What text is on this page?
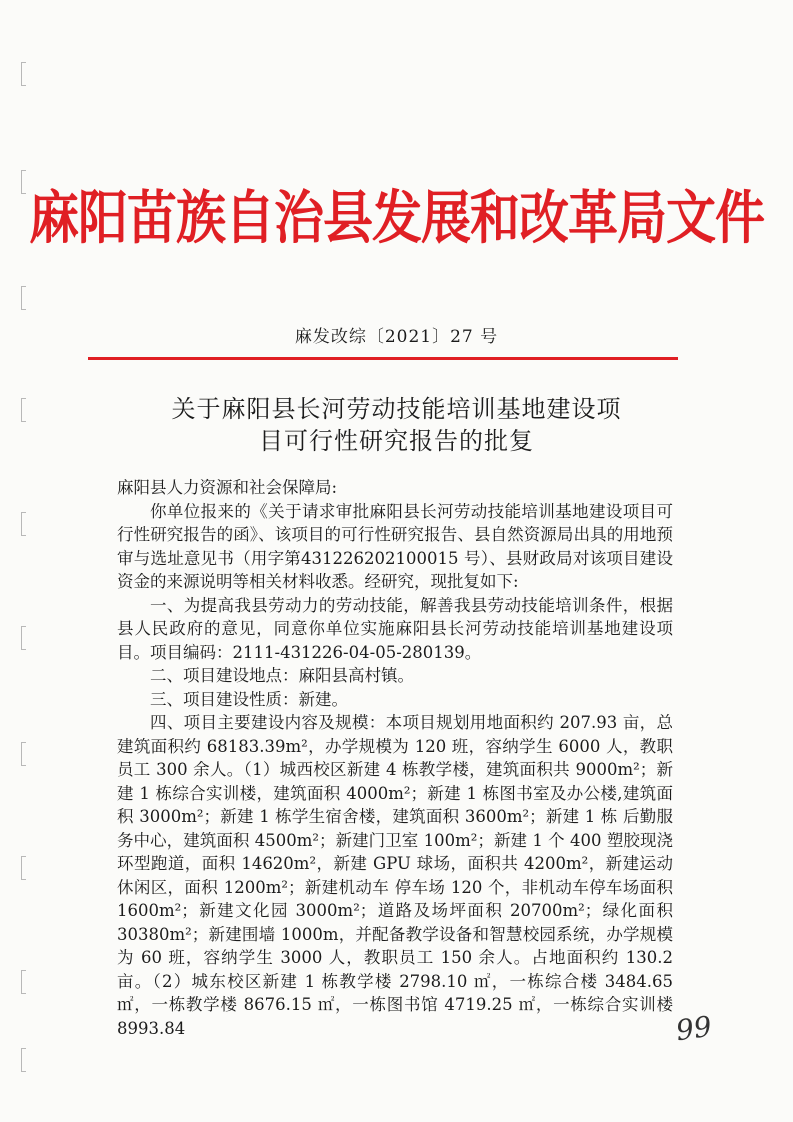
麻阳苗族自治县发展和改革局文件
麻发改综〔2021〕27 号
关于麻阳县长河劳动技能培训基地建设项
目可行性研究报告的批复

麻阳县人力资源和社会保障局:

你单位报来的《关于请求审批麻阳县长河劳动技能培训基地建设项目可行性研究报告的函》、该项目的可行性研究报告、县自然资源局出具的用地预审与选址意见书（用字第431226202100015 号）、县财政局对该项目建设资金的来源说明等相关材料收悉。经研究，现批复如下:

一、为提高我县劳动力的劳动技能，解善我县劳动技能培训条件，根据县人民政府的意见，同意你单位实施麻阳县长河劳动技能培训基地建设项目。项目编码：2111-431226-04-05-280139。

二、项目建设地点：麻阳县高村镇。

三、项目建设性质：新建。

四、项目主要建设内容及规模：本项目规划用地面积约 207.93 亩，总建筑面积约 68183.39m²，办学规模为 120 班，容纳学生 6000 人，教职员工 300 余人。（1）城西校区新建 4 栋教学楼，建筑面积共 9000m²；新建 1 栋综合实训楼，建筑面积 4000m²；新建 1 栋图书室及办公楼,建筑面积 3000m²；新建 1 栋学生宿舍楼，建筑面积 3600m²；新建 1 栋 后勤服务中心，建筑面积 4500m²；新建门卫室 100m²；新建 1 个 400 塑胶现浇环型跑道，面积 14620m²，新建 GPU 球场，面积共 4200m²，新建运动休闲区，面积 1200m²；新建机动车 停车场 120 个，非机动车停车场面积 1600m²；新建文化园 3000m²；道路及场坪面积 20700m²；绿化面积 30380m²；新建围墙 1000m，并配备教学设备和智慧校园系统，办学规模为 60 班，容纳学生 3000 人，教职员工 150 余人。占地面积约 130.2 亩。（2）城东校区新建 1 栋教学楼 2798.10 ㎡，一栋综合楼 3484.65 ㎡，一栋教学楼 8676.15 ㎡，一栋图书馆 4719.25 ㎡，一栋综合实训楼 8993.84	99
